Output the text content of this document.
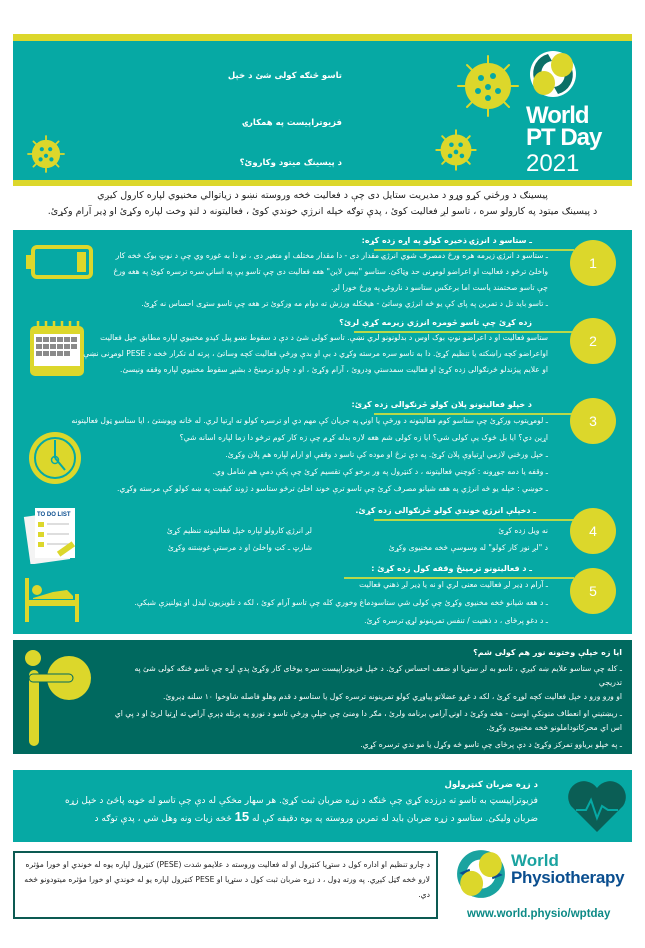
تاسو څنګه کولی شئ د خپل
فزیوتراپیست په همکارۍ
د پیسینګ میتود وکاروئ؟
World
PT Day
2021
پیسینګ د ورځني کړو وړو د مدیریت ستایل دی چې د فعالیت څخه وروسته نښو د زیاتوالي مخنیوي لپاره کارول کیږي
د پیسینګ میتود په کارولو سره ، تاسو لږ فعالیت کوئ ، پدې توګه خپله انرژي خوندي کوئ ، فعالیتونه د لنډ وخت لپاره وکړئ او ډیر آرام وکړئ.
ـ ستاسو د انرژۍ ذخیره کولو په اړه زده کړه:
ـ ستاسو د انرژۍ زیرمه هره ورځ دمصرف شوي انرژۍ مقدار دی - دا مقدار مختلف او متغیر دی ، نو دا به غوره وي چې د نوټ بوک څخه کار
واخلئ ترڅو د فعالیت او اعراضو لومړنی حد وټاکئ. ستاسو "بیس لاین" هغه فعالیت دی چې تاسو یې په اسانۍ سره ترسره کوئ په هغه ورځ
چې تاسو صحتمند یاست اما برعکس ستاسو د ناروغۍ په ورځ خورا لږ.
ـ تاسو باید تل د تمرین په پای کې یو څه انرژي وساتئ - هیڅکله ورزش ته دوام مه ورکوئ تر هغه چې تاسو ستړی احساس نه کړئ.
1
زده کړئ چې تاسو څومره انرژي زیرمه کړې لرئ؟
ستاسو فعالیت او د اعراضو نوټ بوک اوس د بدلونونو لري نښې. تاسو کولی شئ د دې د سقوط نښو پیل کیدو مخنیوي لپاره مطابق خپل فعالیت
اواعراضو کچه راښکته یا تنظیم کړئ. دا به تاسو سره مرسته وکړي د بې او بدې ورځې فعالیت کچه وساتئ ، پرته له تکرار څخه د PESE لومړنی نښې
او علایم پیژندلو څرنګوالی زده کړئ او فعالیت سمدستي ودروئ ، آرام وکړئ ، او د چارو ترمینځ د بشپړ سقوط مخنیوي لپاره وقفه ونیسئ.
2
د خپلو فعالیتونو پلان کولو څرنګوالی زده کړئ:
ـ لومړیتوب ورکړئ چې ستاسو کوم فعالیتونه د ورځې یا اونۍ په جریان کې مهم دي او ترسره کولو ته اړتیا لري. له ځانه وپوښتئ ، ایا ستاسو ټول فعالیتونه
اړین دي؟ ایا بل څوک یې کولی شي؟ ایا زه کولی شم هغه لاره بدله کړم چې زه کار کوم ترڅو دا زما لپاره اسانه شي؟
ـ خپل ورځني لازمي اړتیاوې پلان کړئ. په دې ترځ او موده کې تاسو د وقفې او ارام لپاره هم پلان وکړئ.
ـ وقفه یا دمه جوړونه : کوچني فعالیتونه ، د کنټرول په ور برخو کې تقسیم کړئ چې پکې دمې هم شامل وي.
ـ خوښي : خپله یو څه انرژي په هغه شیانو مصرف کړئ چې تاسو ترې خوند اخلئ ترڅو ستاسو د ژوند کیفیت په ښه کولو کې مرسته وکړي.
3
TO DO LIST	ـ دخپلې انرژۍ خوندي کولو څرنګوالی زده کړئ.
نه ویل زده کړئ
د "لږ نور کار کولو" له وسوسې څخه مخنیوی وکړئ
لږ انرژۍ کارولو لپاره خپل فعالیتونه تنظیم کړئ
شارټ ـ کټ واخلئ او د مرستې غوښتنه وکړئ
4
ـ د فعالیتونو ترمینځ وقفه کول زده کړئ :
ـ آرام د ډیر لږ فعالیت معنی لري او نه یا ډیر لږ ذهني فعالیت
ـ د هغه شیانو څخه مخنیوی وکړئ چې کولی شي ستاسودماغ وخوري کله چې تاسو آرام کوئ ، لکه د تلویزیون لیدل او ټولنیزې شبکې.
ـ د دغو پرځای ، د ذهنیت / تنفس تمرینونو لړۍ ترسره کړئ.
5
ایا زه خپلې وختونه نور هم کولی شم؟
ـ کله چې ستاسو علایم ښه کیږي ، تاسو به لږ ستړیا او ضعف احساس کړئ. د خپل فزیوتراپیست سره یوځای کار وکړئ پدې اړه چې تاسو څنګه کولی شئ په تدریجي
او ورو ورو د خپل فعالیت کچه لوړه کړئ ، لکه د غړو عضلاتو پیاوړي کولو تمرینونه ترسره کول یا ستاسو د قدم وهلو فاصله شاوخوا ۱۰ سلنه ډېروئ.
ـ ریښتیني او انعطاف منونکې اوسئ - هڅه وکړئ د اونۍ آرامي برنامه ولرئ ، مګر دا ومنئ چې خپلې ورځې تاسو د نورو په پرتله ډېرې آرامۍ ته اړتیا لرئ او د پي اي
اس اي محرکاتوداملونو څخه مخنیوی وکړئ.
ـ په خپلو بریاوو تمرکز وکړئ د دې پرځای چې تاسو څه وکړل یا مو ندي ترسره کړي.
د زړه ضربان کنټرولول
فزیوتراپیسټ به تاسو ته درزده کړي چې څنګه د زړه ضربان ثبت کړئ. هر سهار مخکې له دې چې تاسو له خوبه پاڅئ د خپل زړه
ضربان ولیکئ. ستاسو د زړه ضربان باید له تمرین وروسته په یوه دقیقه کې له 15 څخه زیات ونه وهل شي ، پدې توګه د
د چارو تنظیم او اداره کول د ستړیا کنټرول او له فعالیت وروسته د علایمو شدت (PESE) کنټرول لپاره یوه له خوندي او خورا مؤثره لارو څخه ګڼل کیږي. په ورته ډول ، د زړه ضربان ثبت کول د ستړیا او PESE کنټرول لپاره یو له خوندي او خورا مؤثره میتودونو څخه دي.
World
Physiotherapy
www.world.physio/wptday
